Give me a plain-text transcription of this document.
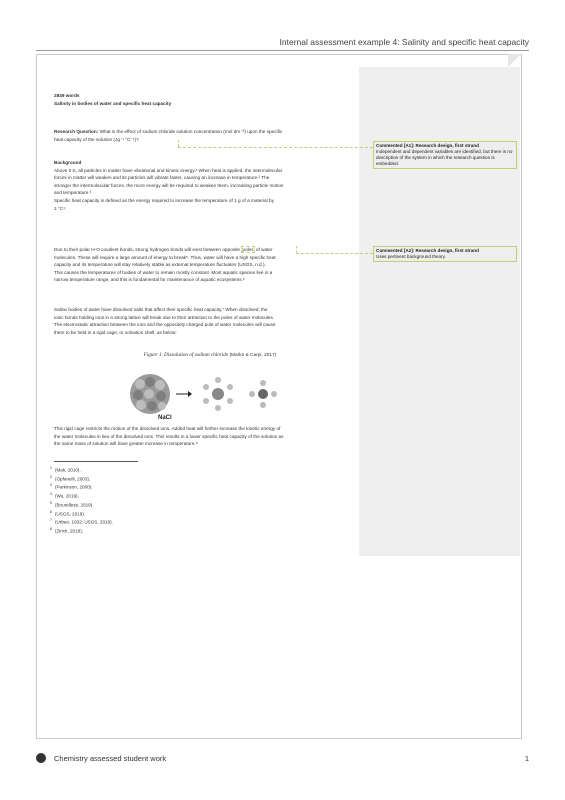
Internal assessment example 4: Salinity and specific heat capacity
Commented [A1]: Research design, first strand
Independent and dependent variables are identified, but there is no description of the system in which the research question is embedded.
Commented [A2]: Research design, first strand
Uses pertinent background theory.

2849 words

Salinity in bodies of water and specific heat capacity

Research Question: What is the effect of sodium chloride solution concentration (mol dm⁻³) upon the specific

heat capacity of the solution (Jg⁻¹ °C⁻¹)?

Background

Above 0 K, all particles in matter have vibrational and kinetic energy.¹ When heat is applied, the intermolecular

forces in matter will weaken and its particles will vibrate faster, causing an increase in temperature.² The

stronger the intermolecular forces, the more energy will be required to weaken them, increasing particle motion

and temperature.³

Specific heat capacity is defined as the energy required to increase the temperature of 1 g of a material by

1 °C⁴.

Due to their polar H-O covalent bonds, strong hydrogen bonds will exist between opposite poles of water

molecules. These will require a large amount of energy to break⁵. Thus, water will have a high specific heat

capacity and its temperature will stay relatively stable as external temperature fluctuates (USGS, n.d.).

This causes the temperatures of bodies of water to remain mostly constant. Most aquatic species live in a

narrow temperature range, and this is fundamental for maintenance of aquatic ecosystems.⁶

Saline bodies of water have dissolved salts that affect their specific heat capacity.⁷ When dissolved, the

ionic bonds holding ions in a strong lattice will break due to their attraction to the poles of water molecules.

The electrostatic attraction between the ions and the oppositely charged pole of water molecules will cause

them to be held in a rigid cage, or solvation shell, as below:

Figure 1. Dissolution of sodium chloride (Marks & Carpi, 2017)
NaCl

This rigid cage restricts the motion of the dissolved ions. Added heat will further increase the kinetic energy of

the water molecules in lieu of the dissolved ions. This results in a lower specific heat capacity of the solution as

the same mass of solution will have greater increase in temperature.⁸

$^1$ (Mak, 2010).
$^2$ (Opfanelli, 2003).
$^3$ (Parkinson, 2000).
$^4$ (Wu, 2019).
$^5$ (Boundless, 2019).
$^6$ (USGS, 2019).
$^7$ (Urban, 1932; USGS, 2019).
$^8$ (Zirick, 2018).
Chemistry assessed student work	1
